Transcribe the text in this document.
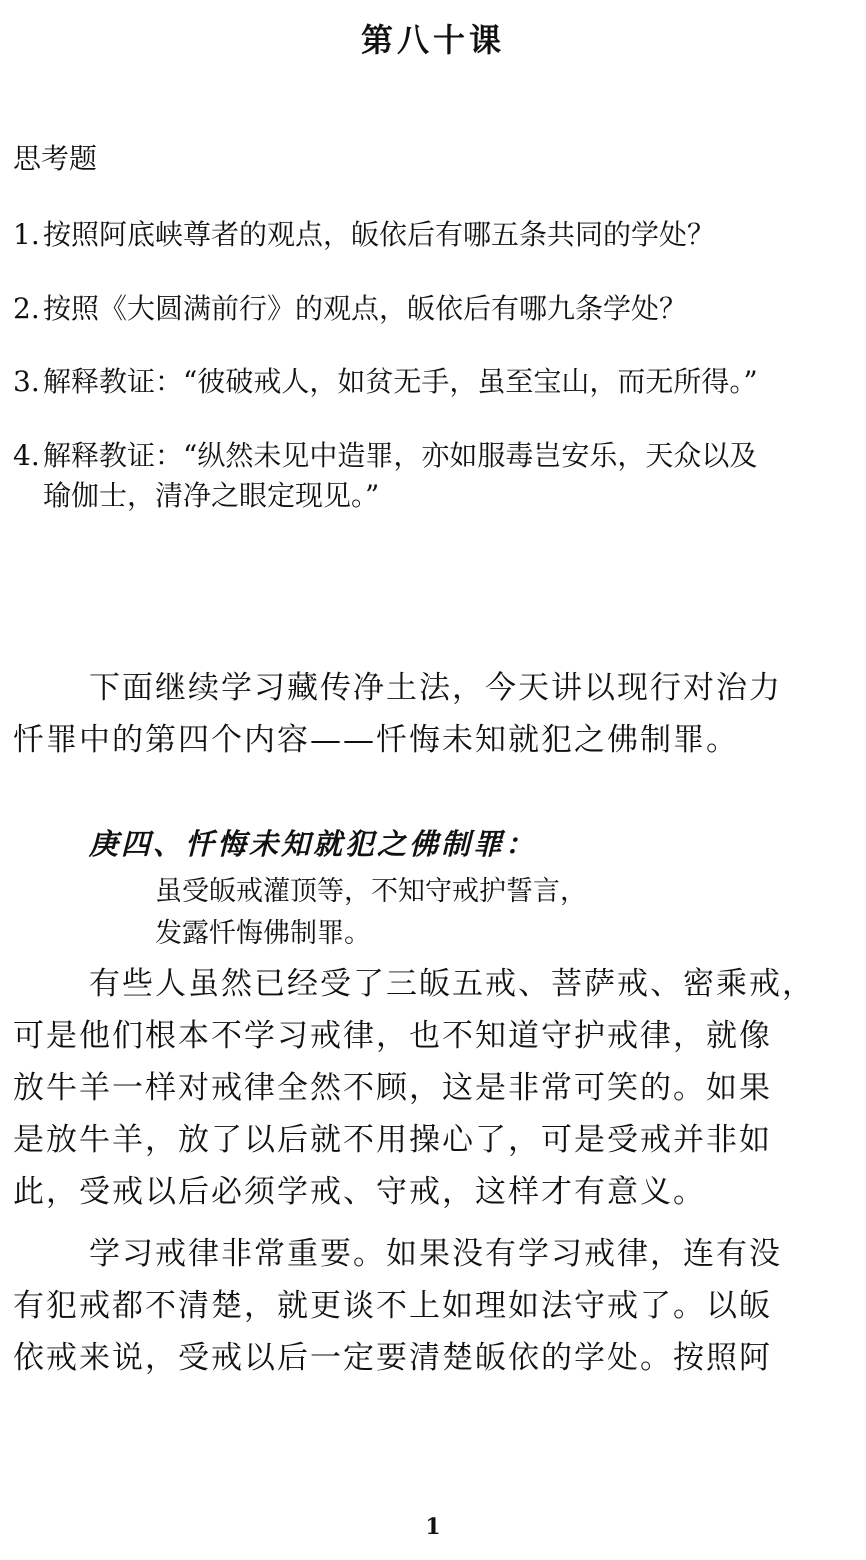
第八十课
思考题
1. 按照阿底峡尊者的观点，皈依后有哪五条共同的学处？
2. 按照《大圆满前行》的观点，皈依后有哪九条学处？
3. 解释教证：“彼破戒人，如贫无手，虽至宝山，而无所得。”
4. 解释教证：“纵然未见中造罪，亦如服毒岂安乐，天众以及
瑜伽士，清净之眼定现见。”
下面继续学习藏传净土法，今天讲以现行对治力
忏罪中的第四个内容——忏悔未知就犯之佛制罪。
庚四、忏悔未知就犯之佛制罪：
虽受皈戒灌顶等，不知守戒护誓言，
发露忏悔佛制罪。
有些人虽然已经受了三皈五戒、菩萨戒、密乘戒，
可是他们根本不学习戒律，也不知道守护戒律，就像
放牛羊一样对戒律全然不顾，这是非常可笑的。如果
是放牛羊，放了以后就不用操心了，可是受戒并非如
此，受戒以后必须学戒、守戒，这样才有意义。
学习戒律非常重要。如果没有学习戒律，连有没
有犯戒都不清楚，就更谈不上如理如法守戒了。以皈
依戒来说，受戒以后一定要清楚皈依的学处。按照阿
1
